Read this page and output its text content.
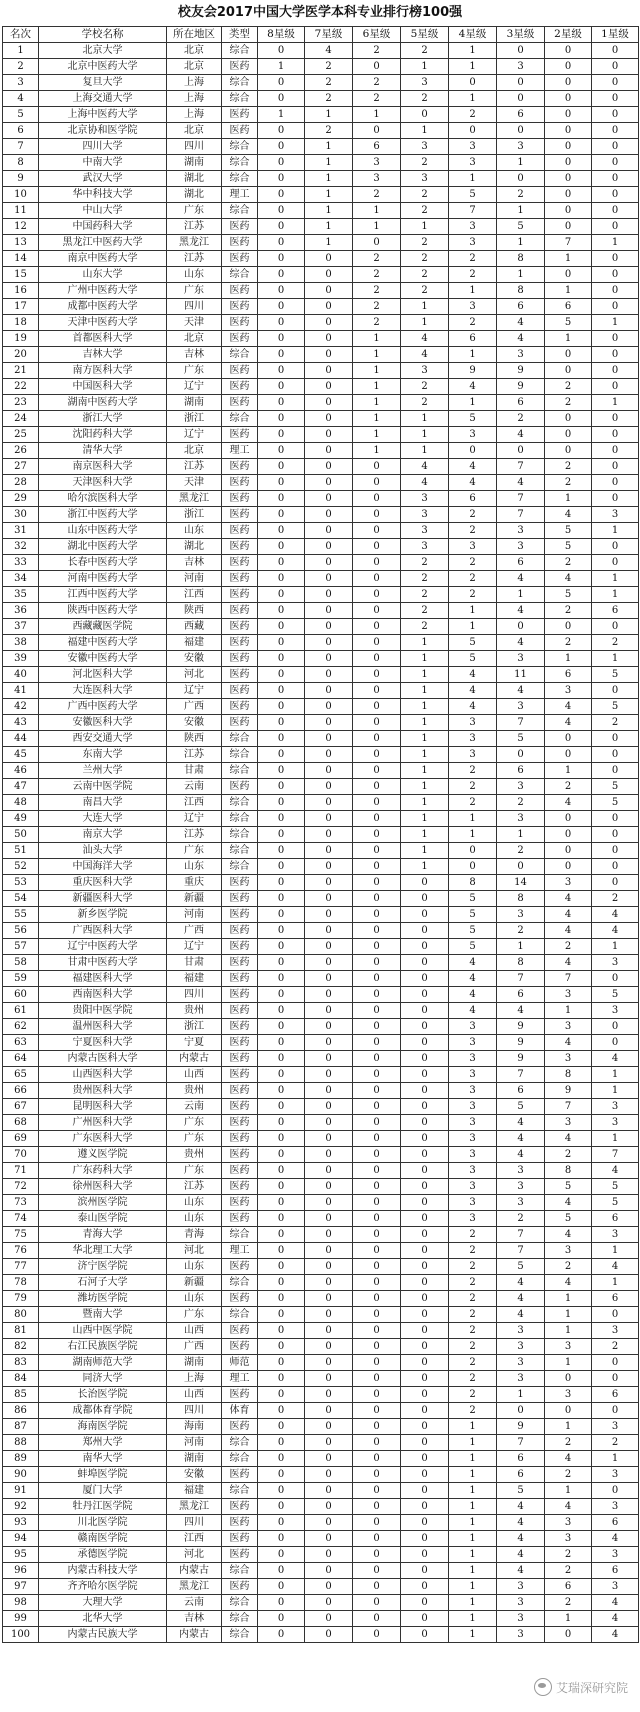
校友会2017中国大学医学本科专业排行榜100强
名次	学校名称	所在地区	类型	8星级	7星级	6星级	5星级	4星级	3星级	2星级	1星级
1	北京大学	北京	综合	0	4	2	2	1	0	0	0
2	北京中医药大学	北京	医药	1	2	0	1	1	3	0	0
3	复旦大学	上海	综合	0	2	2	3	0	0	0	0
4	上海交通大学	上海	综合	0	2	2	2	1	0	0	0
5	上海中医药大学	上海	医药	1	1	1	0	2	6	0	0
6	北京协和医学院	北京	医药	0	2	0	1	0	0	0	0
7	四川大学	四川	综合	0	1	6	3	3	3	0	0
8	中南大学	湖南	综合	0	1	3	2	3	1	0	0
9	武汉大学	湖北	综合	0	1	3	3	1	0	0	0
10	华中科技大学	湖北	理工	0	1	2	2	5	2	0	0
11	中山大学	广东	综合	0	1	1	2	7	1	0	0
12	中国药科大学	江苏	医药	0	1	1	1	3	5	0	0
13	黑龙江中医药大学	黑龙江	医药	0	1	0	2	3	1	7	1
14	南京中医药大学	江苏	医药	0	0	2	2	2	8	1	0
15	山东大学	山东	综合	0	0	2	2	2	1	0	0
16	广州中医药大学	广东	医药	0	0	2	2	1	8	1	0
17	成都中医药大学	四川	医药	0	0	2	1	3	6	6	0
18	天津中医药大学	天津	医药	0	0	2	1	2	4	5	1
19	首都医科大学	北京	医药	0	0	1	4	6	4	1	0
20	吉林大学	吉林	综合	0	0	1	4	1	3	0	0
21	南方医科大学	广东	医药	0	0	1	3	9	9	0	0
22	中国医科大学	辽宁	医药	0	0	1	2	4	9	2	0
23	湖南中医药大学	湖南	医药	0	0	1	2	1	6	2	1
24	浙江大学	浙江	综合	0	0	1	1	5	2	0	0
25	沈阳药科大学	辽宁	医药	0	0	1	1	3	4	0	0
26	清华大学	北京	理工	0	0	1	1	0	0	0	0
27	南京医科大学	江苏	医药	0	0	0	4	4	7	2	0
28	天津医科大学	天津	医药	0	0	0	4	4	4	2	0
29	哈尔滨医科大学	黑龙江	医药	0	0	0	3	6	7	1	0
30	浙江中医药大学	浙江	医药	0	0	0	3	2	7	4	3
31	山东中医药大学	山东	医药	0	0	0	3	2	3	5	1
32	湖北中医药大学	湖北	医药	0	0	0	3	3	3	5	0
33	长春中医药大学	吉林	医药	0	0	0	2	2	6	2	0
34	河南中医药大学	河南	医药	0	0	0	2	2	4	4	1
35	江西中医药大学	江西	医药	0	0	0	2	2	1	5	1
36	陕西中医药大学	陕西	医药	0	0	0	2	1	4	2	6
37	西藏藏医学院	西藏	医药	0	0	0	2	1	0	0	0
38	福建中医药大学	福建	医药	0	0	0	1	5	4	2	2
39	安徽中医药大学	安徽	医药	0	0	0	1	5	3	1	1
40	河北医科大学	河北	医药	0	0	0	1	4	11	6	5
41	大连医科大学	辽宁	医药	0	0	0	1	4	4	3	0
42	广西中医药大学	广西	医药	0	0	0	1	4	3	4	5
43	安徽医科大学	安徽	医药	0	0	0	1	3	7	4	2
44	西安交通大学	陕西	综合	0	0	0	1	3	5	0	0
45	东南大学	江苏	综合	0	0	0	1	3	0	0	0
46	兰州大学	甘肃	综合	0	0	0	1	2	6	1	0
47	云南中医学院	云南	医药	0	0	0	1	2	3	2	5
48	南昌大学	江西	综合	0	0	0	1	2	2	4	5
49	大连大学	辽宁	综合	0	0	0	1	1	3	0	0
50	南京大学	江苏	综合	0	0	0	1	1	1	0	0
51	汕头大学	广东	综合	0	0	0	1	0	2	0	0
52	中国海洋大学	山东	综合	0	0	0	1	0	0	0	0
53	重庆医科大学	重庆	医药	0	0	0	0	8	14	3	0
54	新疆医科大学	新疆	医药	0	0	0	0	5	8	4	2
55	新乡医学院	河南	医药	0	0	0	0	5	3	4	4
56	广西医科大学	广西	医药	0	0	0	0	5	2	4	4
57	辽宁中医药大学	辽宁	医药	0	0	0	0	5	1	2	1
58	甘肃中医药大学	甘肃	医药	0	0	0	0	4	8	4	3
59	福建医科大学	福建	医药	0	0	0	0	4	7	7	0
60	西南医科大学	四川	医药	0	0	0	0	4	6	3	5
61	贵阳中医学院	贵州	医药	0	0	0	0	4	4	1	3
62	温州医科大学	浙江	医药	0	0	0	0	3	9	3	0
63	宁夏医科大学	宁夏	医药	0	0	0	0	3	9	4	0
64	内蒙古医科大学	内蒙古	医药	0	0	0	0	3	9	3	4
65	山西医科大学	山西	医药	0	0	0	0	3	7	8	1
66	贵州医科大学	贵州	医药	0	0	0	0	3	6	9	1
67	昆明医科大学	云南	医药	0	0	0	0	3	5	7	3
68	广州医科大学	广东	医药	0	0	0	0	3	4	3	3
69	广东医科大学	广东	医药	0	0	0	0	3	4	4	1
70	遵义医学院	贵州	医药	0	0	0	0	3	4	2	7
71	广东药科大学	广东	医药	0	0	0	0	3	3	8	4
72	徐州医科大学	江苏	医药	0	0	0	0	3	3	5	5
73	滨州医学院	山东	医药	0	0	0	0	3	3	4	5
74	泰山医学院	山东	医药	0	0	0	0	3	2	5	6
75	青海大学	青海	综合	0	0	0	0	2	7	4	3
76	华北理工大学	河北	理工	0	0	0	0	2	7	3	1
77	济宁医学院	山东	医药	0	0	0	0	2	5	2	4
78	石河子大学	新疆	综合	0	0	0	0	2	4	4	1
79	潍坊医学院	山东	医药	0	0	0	0	2	4	1	6
80	暨南大学	广东	综合	0	0	0	0	2	4	1	0
81	山西中医学院	山西	医药	0	0	0	0	2	3	1	3
82	右江民族医学院	广西	医药	0	0	0	0	2	3	3	2
83	湖南师范大学	湖南	师范	0	0	0	0	2	3	1	0
84	同济大学	上海	理工	0	0	0	0	2	3	0	0
85	长治医学院	山西	医药	0	0	0	0	2	1	3	6
86	成都体育学院	四川	体育	0	0	0	0	2	0	0	0
87	海南医学院	海南	医药	0	0	0	0	1	9	1	3
88	郑州大学	河南	综合	0	0	0	0	1	7	2	2
89	南华大学	湖南	综合	0	0	0	0	1	6	4	1
90	蚌埠医学院	安徽	医药	0	0	0	0	1	6	2	3
91	厦门大学	福建	综合	0	0	0	0	1	5	1	0
92	牡丹江医学院	黑龙江	医药	0	0	0	0	1	4	4	3
93	川北医学院	四川	医药	0	0	0	0	1	4	3	6
94	赣南医学院	江西	医药	0	0	0	0	1	4	3	4
95	承德医学院	河北	医药	0	0	0	0	1	4	2	3
96	内蒙古科技大学	内蒙古	综合	0	0	0	0	1	4	2	6
97	齐齐哈尔医学院	黑龙江	医药	0	0	0	0	1	3	6	3
98	大理大学	云南	综合	0	0	0	0	1	3	2	4
99	北华大学	吉林	综合	0	0	0	0	1	3	1	4
100	内蒙古民族大学	内蒙古	综合	0	0	0	0	1	3	0	4
艾瑞深研究院
